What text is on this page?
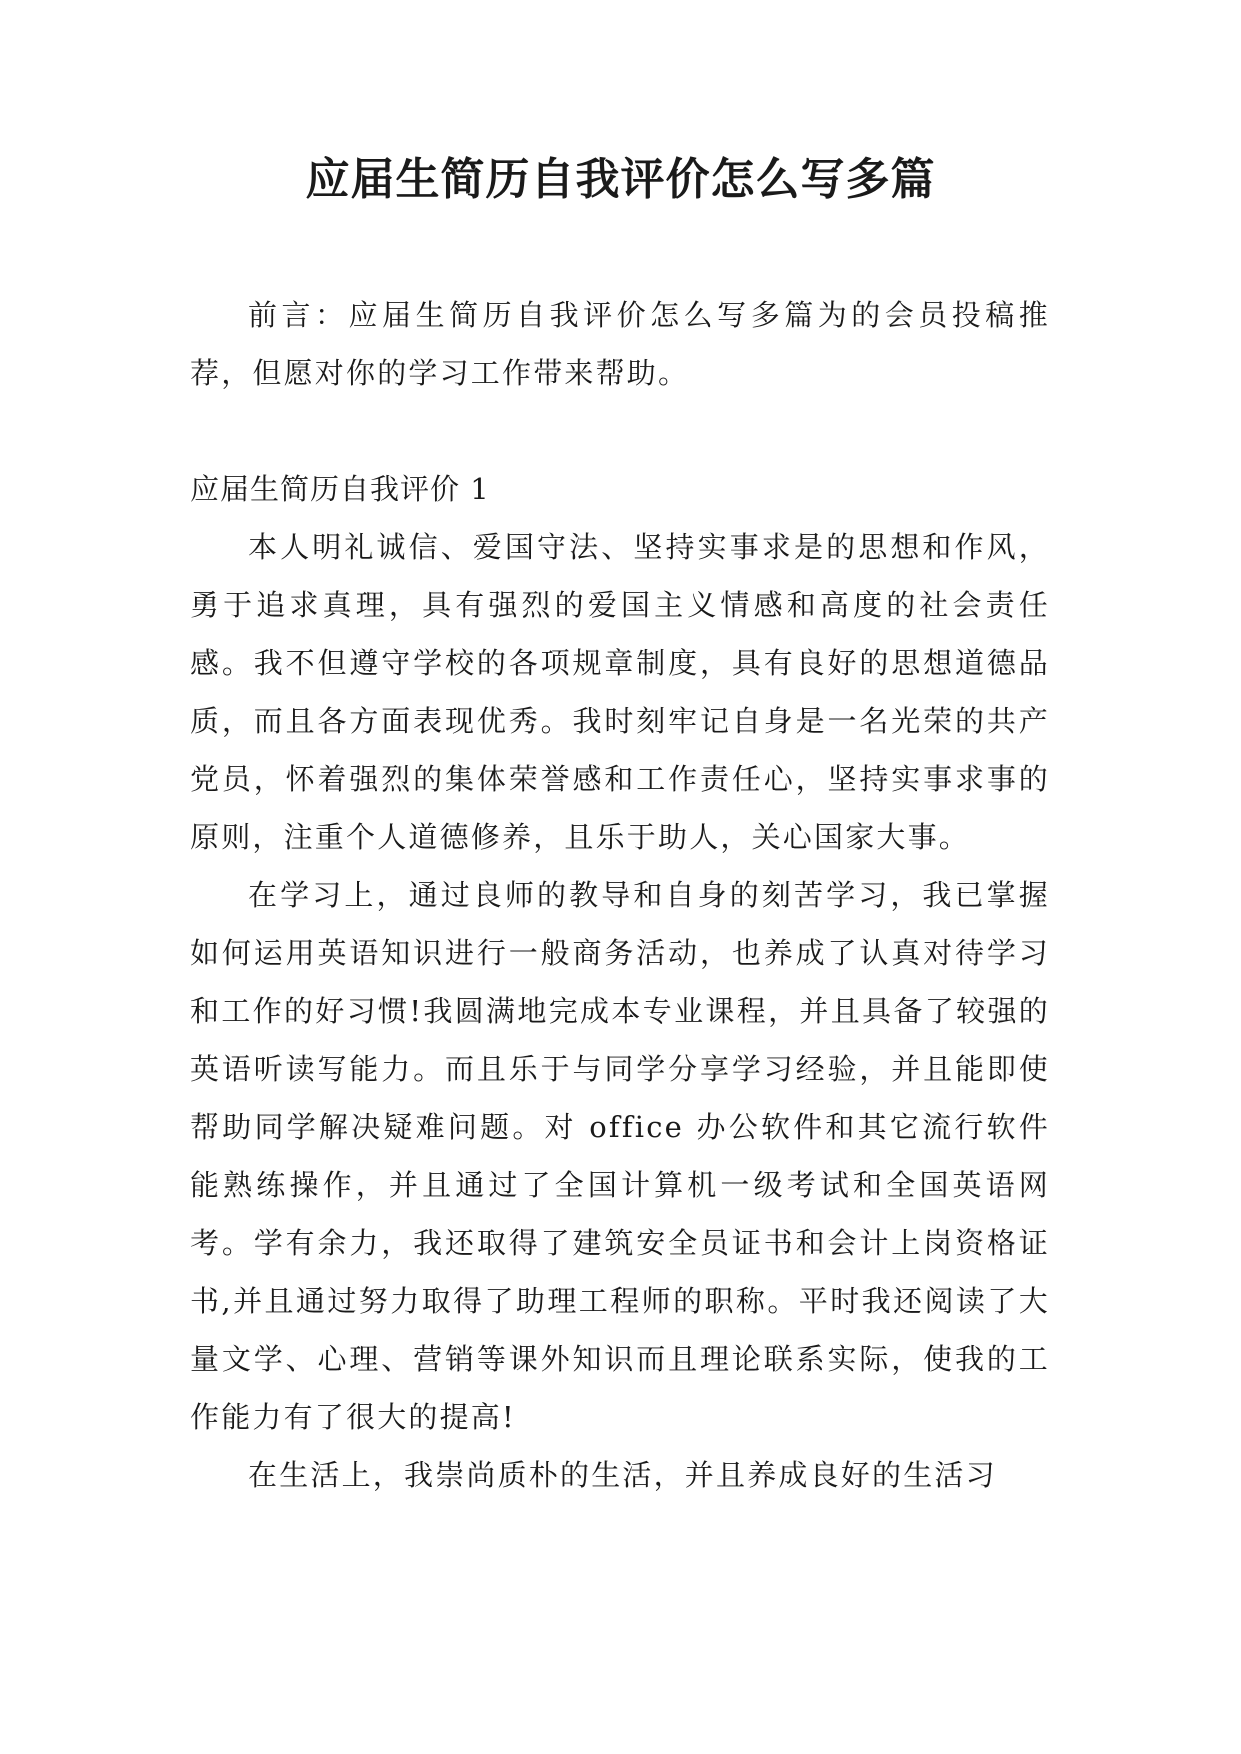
应届生简历自我评价怎么写多篇

前言：应届生简历自我评价怎么写多篇为的会员投稿推荐，但愿对你的学习工作带来帮助。

应届生简历自我评价 1

本人明礼诚信、爱国守法、坚持实事求是的思想和作风，勇于追求真理，具有强烈的爱国主义情感和高度的社会责任感。我不但遵守学校的各项规章制度，具有良好的思想道德品质，而且各方面表现优秀。我时刻牢记自身是一名光荣的共产党员，怀着强烈的集体荣誉感和工作责任心，坚持实事求事的原则，注重个人道德修养，且乐于助人，关心国家大事。

在学习上，通过良师的教导和自身的刻苦学习，我已掌握如何运用英语知识进行一般商务活动，也养成了认真对待学习和工作的好习惯!我圆满地完成本专业课程，并且具备了较强的英语听读写能力。而且乐于与同学分享学习经验，并且能即使帮助同学解决疑难问题。对 office 办公软件和其它流行软件能熟练操作，并且通过了全国计算机一级考试和全国英语网考。学有余力，我还取得了建筑安全员证书和会计上岗资格证书,并且通过努力取得了助理工程师的职称。平时我还阅读了大量文学、心理、营销等课外知识而且理论联系实际，使我的工作能力有了很大的提高!

在生活上，我崇尚质朴的生活，并且养成良好的生活习
